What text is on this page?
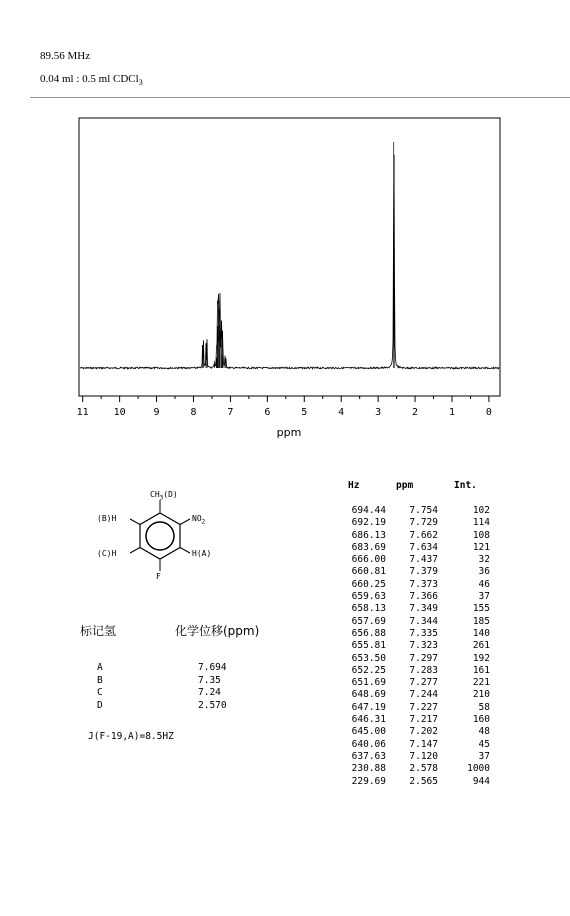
89.56 MHz
0.04 ml : 0.5 ml CDCl$_3$
11 10	9	8	7	6	5	4	3	2	1	0
ppm
$CH_3(D)$
$NO_2$
(B)H
(C)H	H(A)
F
标记氢	化学位移(ppm)
A	7.694
B	7.35
C	7.24
D	2.570
J(F-19,A)=8.5HZ
Hz	ppm	Int.
694.44	7.754	102
692.19	7.729	114
686.13	7.662	108
683.69	7.634	121
666.00	7.437	32
660.81	7.379	36
660.25	7.373	46
659.63	7.366	37
658.13	7.349	155
657.69	7.344	185
656.88	7.335	140
655.81	7.323	261
653.50	7.297	192
652.25	7.283	161
651.69	7.277	221
648.69	7.244	210
647.19	7.227	58
646.31	7.217	160
645.00	7.202	48
640.06	7.147	45
637.63	7.120	37
230.88	2.578	1000
229.69	2.565	944
